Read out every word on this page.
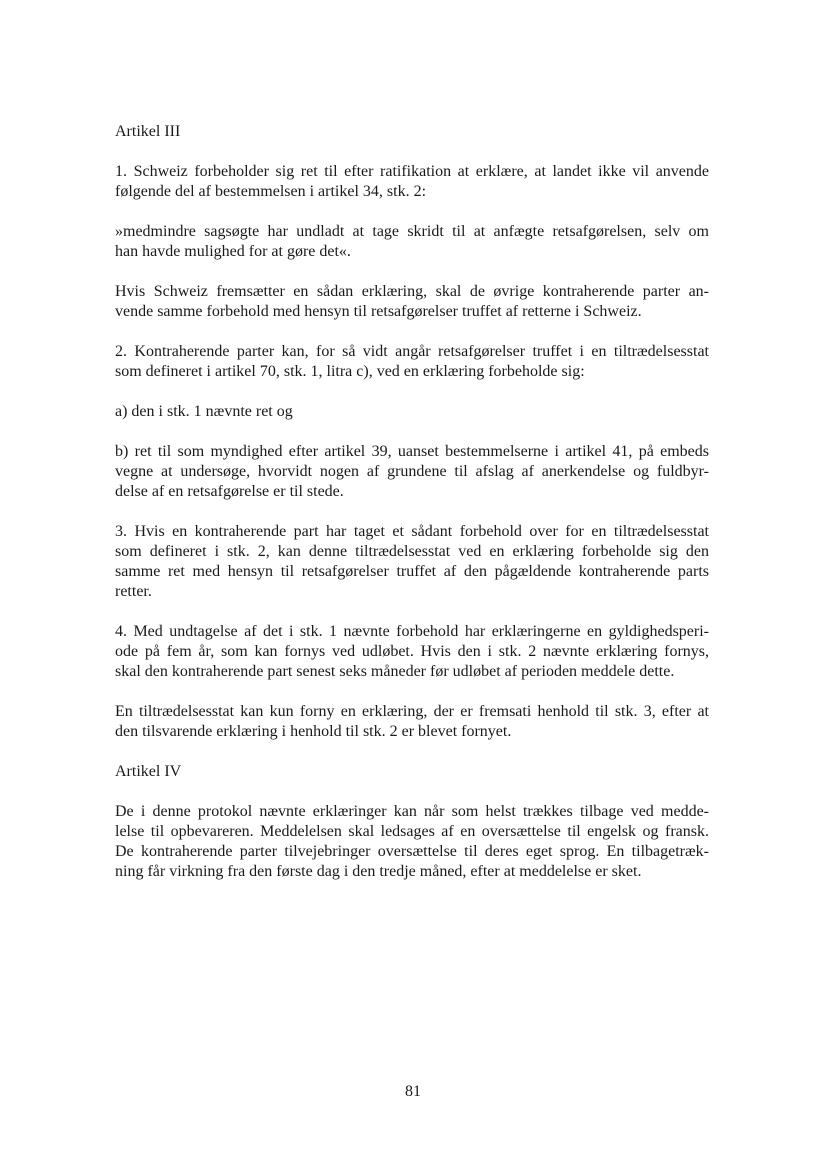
Artikel III
1. Schweiz forbeholder sig ret til efter ratifikation at erklære, at landet ikke vil anvende
følgende del af bestemmelsen i artikel 34, stk. 2:
»medmindre sagsøgte har undladt at tage skridt til at anfægte retsafgørelsen, selv om
han havde mulighed for at gøre det«.
Hvis Schweiz fremsætter en sådan erklæring, skal de øvrige kontraherende parter an-
vende samme forbehold med hensyn til retsafgørelser truffet af retterne i Schweiz.
2. Kontraherende parter kan, for så vidt angår retsafgørelser truffet i en tiltrædelsesstat
som defineret i artikel 70, stk. 1, litra c), ved en erklæring forbeholde sig:
a) den i stk. 1 nævnte ret og
b) ret til som myndighed efter artikel 39, uanset bestemmelserne i artikel 41, på embeds
vegne at undersøge, hvorvidt nogen af grundene til afslag af anerkendelse og fuldbyr-
delse af en retsafgørelse er til stede.
3. Hvis en kontraherende part har taget et sådant forbehold over for en tiltrædelsesstat
som defineret i stk. 2, kan denne tiltrædelsesstat ved en erklæring forbeholde sig den
samme ret med hensyn til retsafgørelser truffet af den pågældende kontraherende parts
retter.
4. Med undtagelse af det i stk. 1 nævnte forbehold har erklæringerne en gyldighedsperi-
ode på fem år, som kan fornys ved udløbet. Hvis den i stk. 2 nævnte erklæring fornys,
skal den kontraherende part senest seks måneder før udløbet af perioden meddele dette.
En tiltrædelsesstat kan kun forny en erklæring, der er fremsati henhold til stk. 3, efter at
den tilsvarende erklæring i henhold til stk. 2 er blevet fornyet.
Artikel IV
De i denne protokol nævnte erklæringer kan når som helst trækkes tilbage ved medde-
lelse til opbevareren. Meddelelsen skal ledsages af en oversættelse til engelsk og fransk.
De kontraherende parter tilvejebringer oversættelse til deres eget sprog. En tilbagetræk-
ning får virkning fra den første dag i den tredje måned, efter at meddelelse er sket.
81
